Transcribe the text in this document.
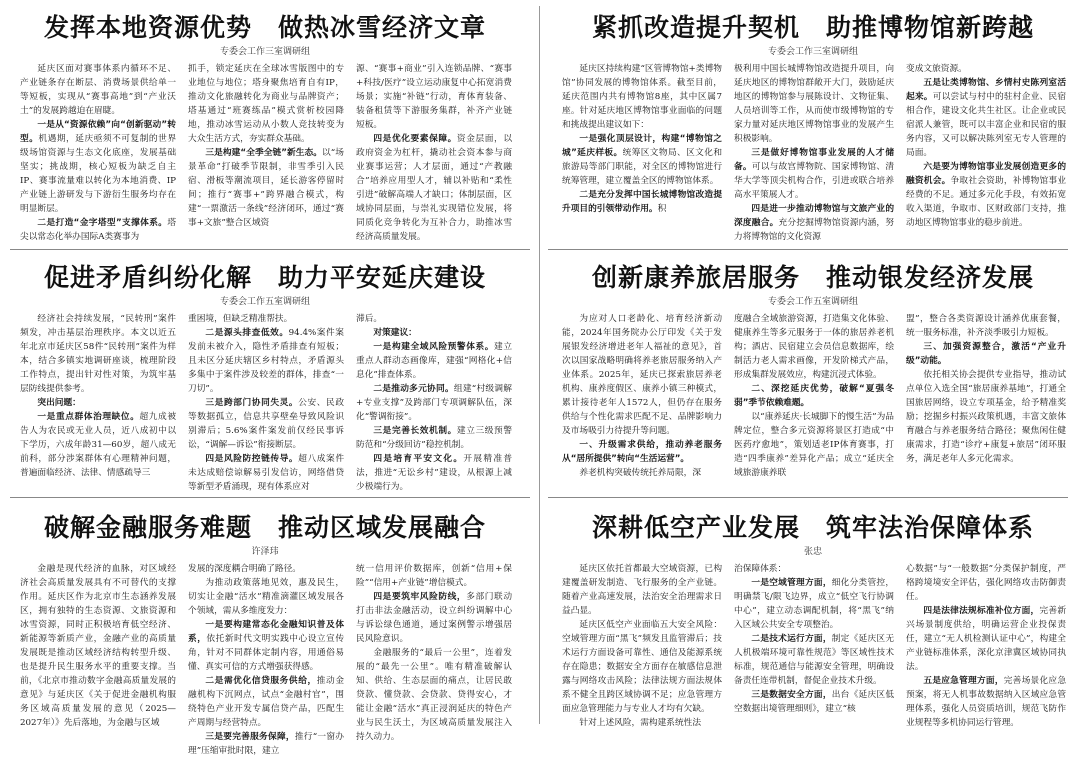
发挥本地资源优势　做热冰雪经济文章
专委会工作三室调研组

延庆区面对赛事体系内循环不足、产业链条存在断层、消费场景供给单一等短板，实现从“赛事高地”到“产业沃土”的发展跨越迫在眉睫。

一是从“资源依赖”向“创新驱动”转型。机遇期，延庆亟须不可复制的世界级场馆资源与生态文化底座，发展基础坚实；挑战期，核心短板为缺乏自主IP、赛事流量难以转化为本地消费、IP产业链上游研发与下游衍生服务均存在明显断层。

二是打造“金字塔型”支撑体系。塔尖以常态化举办国际A类赛事为

抓手，锁定延庆在全球冰雪版图中的专业地位与地位；塔身聚焦培育自有IP，推动文化旅融转化为商业与品牌资产；塔基通过“班赛练品”模式赏析校园降地，推动冰雪运动从小数人竞技转变为大众生活方式，夯实群众基础。

三是构建“全季全链”新生态。以“场景革命”打破季节限制，非雪季引入民宿、滑板等潮流项目，延长游客停留时间；推行“赛事+”跨界融合模式，构建“一票激活一条线”经济闭环，通过“赛事+文旅”整合区域资

源、“赛事+商业”引入连锁品牌、“赛事+科技/医疗”设立运动康复中心拓宽消费场景；实施“补链”行动，育体育装备、装备租赁等下游服务集群，补齐产业链短板。

四是优化要素保障。资金层面，以政府资金为杠杆，撬动社会资本参与商业赛事运营；人才层面，通过“产教融合”培养应用型人才，辅以补贴和“柔性引进”破解高端人才缺口；体制层面，区域协同层面，与崇礼实现错位发展，将同质化竞争转化为互补合力，助推冰雪经济高质量发展。

紧抓改造提升契机　助推博物馆新跨越
专委会工作三室调研组

延庆区持续构建“区管博物馆+类博物馆”协同发展的博物馆体系。截至目前，延庆范围内共有博物馆8座，其中区属7座。针对延庆地区博物馆事业面临的问题和挑战提出建议如下：

一是强化顶层设计，构建“博物馆之城”延庆样板。统筹区文物局、区文化和旅游局等部门职能，对全区的博物馆进行统筹管理，建立覆盖全区的博物馆体系。

二是充分发挥中国长城博物馆改造提升项目的引领带动作用。积

极利用中国长城博物馆改造提升项目，向延庆地区的博物馆群敞开大门，鼓励延庆地区的博物馆参与展陈设计、文物征集、人员培训等工作，从而使市级博物馆的专家力量对延庆地区博物馆事业的发展产生积极影响。

三是做好博物馆事业发展的人才储备。可以与故宫博物院、国家博物馆、清华大学等顶尖机构合作，引进或联合培养高水平策展人才。

四是进一步推动博物馆与文旅产业的深度融合。充分挖掘博物馆资源内涵，努力将博物馆的文化资源

变成文旅资源。

五是让类博物馆、乡情村史陈列室活起来。可以尝试与村中的驻村企业、民宿相合作，建设文化共生社区。让企业或民宿派人兼管，既可以丰富企业和民宿的服务内容，又可以解决陈列室无专人管理的局面。

六是要为博物馆事业发展创造更多的融资机会。争取社会资助，补博物馆事业经费的不足。通过多元化手段，有效拓宽收入渠道，争取市、区财政部门支持，推动地区博物馆事业的稳步前进。

促进矛盾纠纷化解　助力平安延庆建设
专委会工作五室调研组

经济社会持续发展，“民转刑”案件频发，冲击基层治理秩序。本文以近五年北京市延庆区58件“民转刑”案件为样本，结合多镇实地调研座谈，梳理阶段工作特点，提出针对性对策，为筑牢基层防线提供参考。

突出问题：

一是重点群体治理缺位。超九成被告人为农民或无业人员，近八成初中以下学历，六成年龄31—60岁，超八成无前科，部分涉案群体有心理精神问题，普遍面临经济、法律、情感疏导三

重困境，但缺乏精准帮扶。

二是源头排查低效。94.4%案件案发前未被介入，隐性矛盾排查有短板；且未区分延庆辖区乡村特点，矛盾源头多集中于案件涉及较差的群体，排查“一刀切”。

三是跨部门协同失灵。公安、民政等数据孤立，信息共享壁垒导致风险识别滞后；5.6%案件案发前仅经民事诉讼，“调解—诉讼”衔接断层。

四是风险防控链传导。超八成案件未达成赔偿谅解易引发信访，网络借贷等新型矛盾涌现，现有体系应对

滞后。

对策建议：

一是构建全域风险预警体系。建立重点人群动态画像库，建强“网格化+信息化”排查体系。

二是推动多元协同。组建“村级调解+专业支撑”及跨部门专项调解队伍，深化“警调衔接”。

三是完善长效机制。建立三级预警防范和“分级回访”稳控机制。

四是培育平安文化。开展精准普法，推进“无讼乡村”建设，从根源上减少极端行为。

创新康养旅居服务　推动银发经济发展
专委会工作五室调研组

为应对人口老龄化、培育经济新动能，2024年国务院办公厅印发《关于发展银发经济增进老年人福祉的意见》，首次以国家战略明确将养老旅居服务纳入产业体系。2025年，延庆已探索旅居养老机构、康养度假区、康养小镇三种模式，累计接待老年人1572人，但仍存在服务供给与个性化需求匹配不足、品牌影响力及市场吸引力待提升等问题。

一、升级需求供给，推动养老服务从“居所提供”转向“生活运营”。

养老机构突破传统托养局限，深

度融合全域旅游资源，打造集文化体验、健康养生等多元服务于一体的旅居养老机构；酒店、民宿建立会员信息数据库，绘制活力老人需求画像，开发阶梯式产品，形成集群发展效应，构建沉浸式体验。

二、深挖延庆优势，破解“夏强冬弱”季节依赖难题。

以“康养延庆·长城脚下的慢生活”为品牌定位，整合多元资源将景区打造成“中医药疗愈地”，策划适老IP体育赛事，打造“四季康养”差异化产品；成立“延庆全域旅游康养联

盟”，整合各类资源设计涵养优康套餐，统一服务标准，补齐淡季吸引力短板。

三、加强资源整合，激活“产业升级”动能。

依托相关协会提供专业指导，推动试点单位入选全国“旅居康养基地”，打通全国旅居网络，设立专项基金，给予精准奖励；挖掘乡村振兴政策机遇，丰富文旅体育融合与养老服务结合路径；聚焦闲住健康需求，打造“诊疗+康复+旅居”闭环服务，满足老年人多元化需求。

破解金融服务难题　推动区域发展融合
许泽玮

金融是现代经济的血脉，对区域经济社会高质量发展具有不可替代的支撑作用。延庆区作为北京市生态涵养发展区，拥有独特的生态资源、文旅资源和冰雪资源，同时正积极培育低空经济、新能源等新质产业，金融产业的高质量发展既是推动区域经济结构转型升级、也是提升民生服务水平的重要支撑。当前，《北京市推动数字金融高质量发展的意见》与延庆区《关于促进金融机构服务区域高质量发展的意见（2025—2027年）》先后落地，为金融与区域

发展的深度耦合明确了路径。

为推动政策落地见效，惠及民生，切实让金融“活水”精准滴灌区域发展各个领域，需从多维度发力：

一是要构建常态化金融知识普及体系，依托新时代文明实践中心设立宣传角，针对不同群体定制内容，用通俗易懂、真实可信的方式增强获得感。

二是需优化信贷服务供给，推动金融机构下沉网点，试点“金融村官”，围绕特色产业开发专属信贷产品，匹配生产周期与经营特点。

三是要完善服务保障，推行“一窗办理”压缩审批时限，建立

统一信用评价数据库，创新“信用+保险”“信用+产业链”增信模式。

四是要筑牢风险防线，多部门联动打击非法金融活动，设立纠纷调解中心与诉讼绿色通道，通过案例警示增强居民风险意识。

金融服务的“最后一公里”，连着发展的“最先一公里”。唯有精准破解认知、供给、生态层面的痛点，让居民敢贷款、懂贷款、会贷款、贷得安心，才能让金融“活水”真正浸润延庆的特色产业与民生沃土，为区域高质量发展注入持久动力。

深耕低空产业发展　筑牢法治保障体系
张忠

延庆区依托首都最大空域资源，已构建覆盖研发制造、飞行服务的全产业链。随着产业高速发展，法治安全治理需求日益凸显。

延庆区低空产业面临五大安全风险：空域管理方面“黑飞”频发且监管滞后；技术运行方面设备可靠性、通信及能源系统存在隐患；数据安全方面存在敏感信息泄露与网络攻击风险；法律法规方面法规体系不健全且跨区域协调不足；应急管理方面应急管理能力与专业人才均有欠缺。

针对上述风险，需构建系统性法

治保障体系：

一是空域管理方面，细化分类管控，明确禁飞/限飞边界，成立“低空飞行协调中心”，建立动态调配机制，将“黑飞”纳入区域公共安全专项整治。

二是技术运行方面，制定《延庆区无人机极端环境可靠性规范》等区域性技术标准，规范通信与能源安全管理，明确设备责任连带机制，督促企业技术升级。

三是数据安全方面，出台《延庆区低空数据出境管理细则》，建立“核

心数据”与“一般数据”分类保护制度，严格跨境境安全评估，强化网络攻击防御责任。

四是法律法规标准补位方面，完善新兴场景制度供给，明确运营企业投保责任，建立“无人机检测认证中心”，构建全产业链标准体系，深化京津冀区域协同执法。

五是应急管理方面，完善场景化应急预案，将无人机事故数据纳入区域应急管理体系，强化人员资质培训，规范飞防作业规程等多机协同运行管理。
